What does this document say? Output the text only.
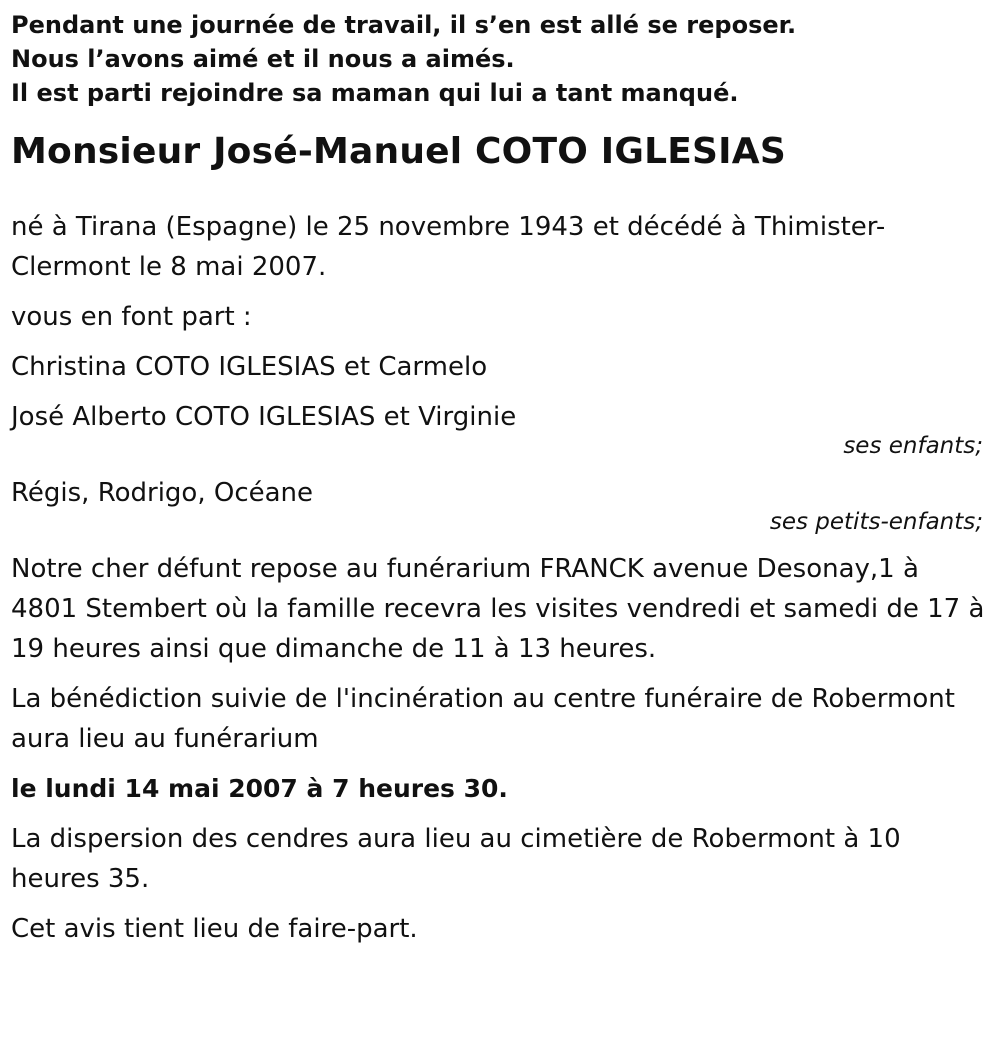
Pendant une journée de travail, il s’en est allé se reposer.
Nous l’avons aimé et il nous a aimés.
Il est parti rejoindre sa maman qui lui a tant manqué.
Monsieur José-Manuel COTO IGLESIAS

né à Tirana (Espagne) le 25 novembre 1943 et décédé à Thimister-Clermont le 8 mai 2007.

vous en font part :

Christina COTO IGLESIAS et Carmelo

José Alberto COTO IGLESIAS et Virginie

ses enfants;

Régis, Rodrigo, Océane

ses petits-enfants;

Notre cher défunt repose au funérarium FRANCK avenue Desonay,1 à 4801 Stembert où la famille recevra les visites vendredi et samedi de 17 à 19 heures ainsi que dimanche de 11 à 13 heures.

La bénédiction suivie de l'incinération au centre funéraire de Robermont aura lieu au funérarium

le lundi 14 mai 2007 à 7 heures 30.

La dispersion des cendres aura lieu au cimetière de Robermont à 10 heures 35.

Cet avis tient lieu de faire-part.
